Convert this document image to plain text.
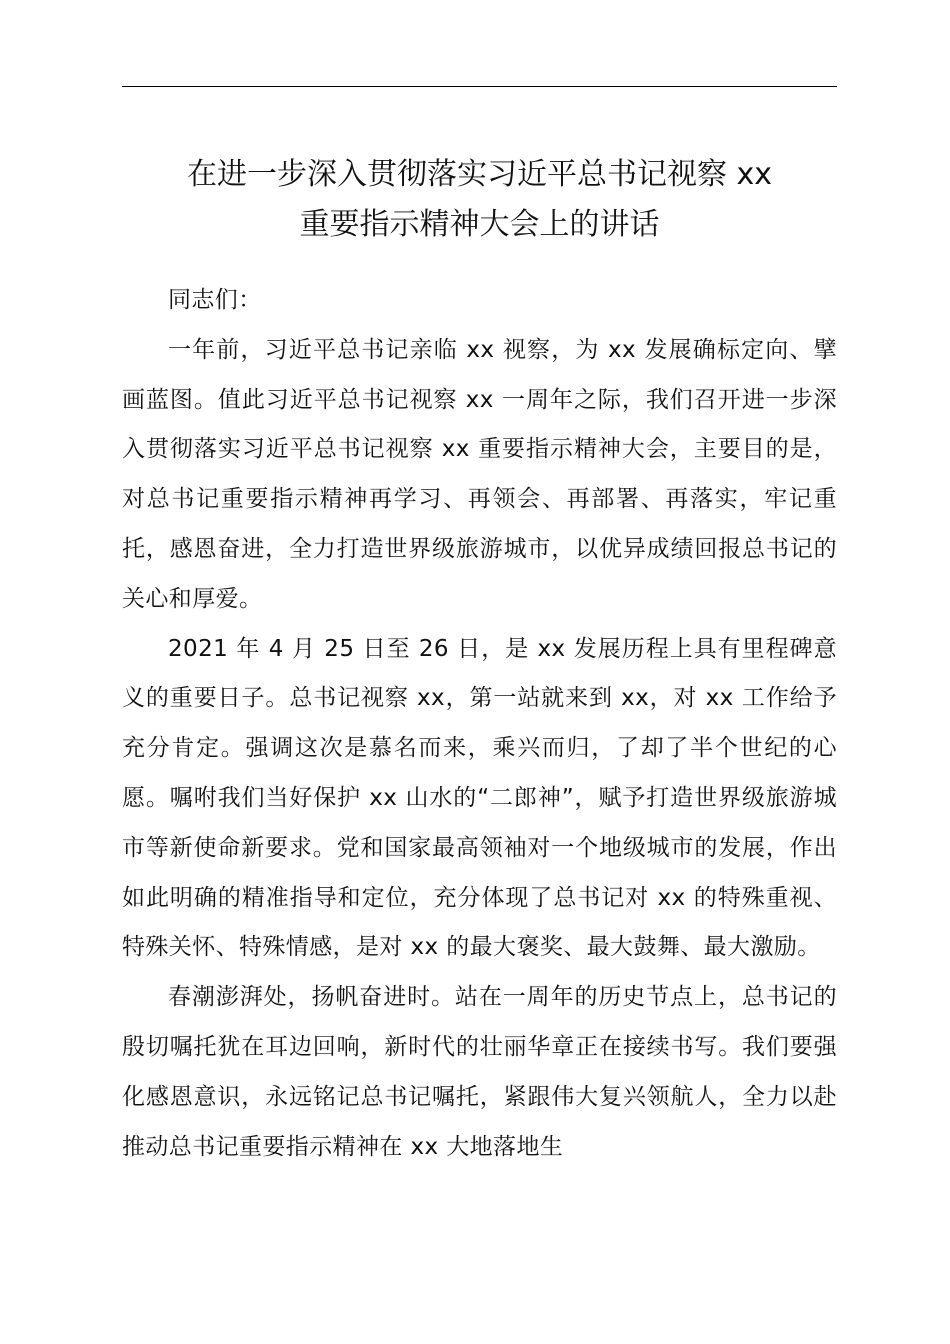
在进一步深入贯彻落实习近平总书记视察 xx
重要指示精神大会上的讲话

同志们：

一年前，习近平总书记亲临 xx 视察，为 xx 发展确标定向、擘画蓝图。值此习近平总书记视察 xx 一周年之际，我们召开进一步深入贯彻落实习近平总书记视察 xx 重要指示精神大会，主要目的是，对总书记重要指示精神再学习、再领会、再部署、再落实，牢记重托，感恩奋进，全力打造世界级旅游城市，以优异成绩回报总书记的关心和厚爱。

2021 年 4 月 25 日至 26 日，是 xx 发展历程上具有里程碑意义的重要日子。总书记视察 xx，第一站就来到 xx，对 xx 工作给予充分肯定。强调这次是慕名而来，乘兴而归，了却了半个世纪的心愿。嘱咐我们当好保护 xx 山水的“二郎神”，赋予打造世界级旅游城市等新使命新要求。党和国家最高领袖对一个地级城市的发展，作出如此明确的精准指导和定位，充分体现了总书记对 xx 的特殊重视、特殊关怀、特殊情感，是对 xx 的最大褒奖、最大鼓舞、最大激励。

春潮澎湃处，扬帆奋进时。站在一周年的历史节点上，总书记的殷切嘱托犹在耳边回响，新时代的壮丽华章正在接续书写。我们要强化感恩意识，永远铭记总书记嘱托，紧跟伟大复兴领航人，全力以赴推动总书记重要指示精神在 xx 大地落地生
